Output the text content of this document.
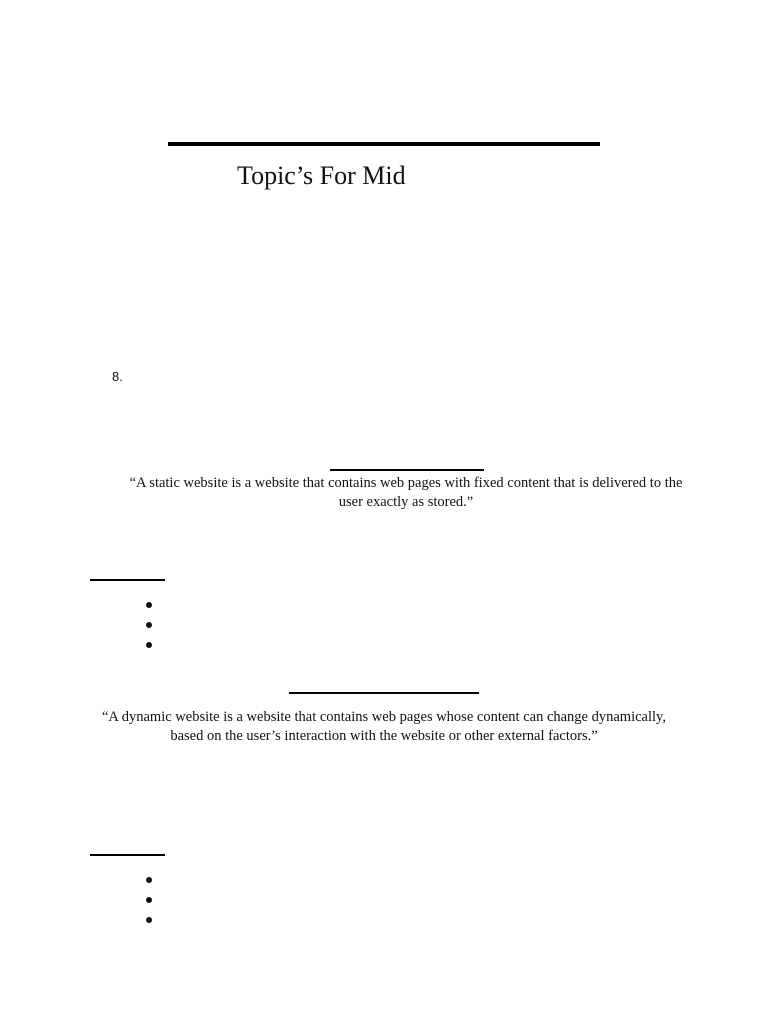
Topic’s For Mid
8.
“A static website is a website that contains web pages with fixed content that is delivered to the user exactly as stored.”
“A dynamic website is a website that contains web pages whose content can change dynamically, based on the user’s interaction with the website or other external factors.”
